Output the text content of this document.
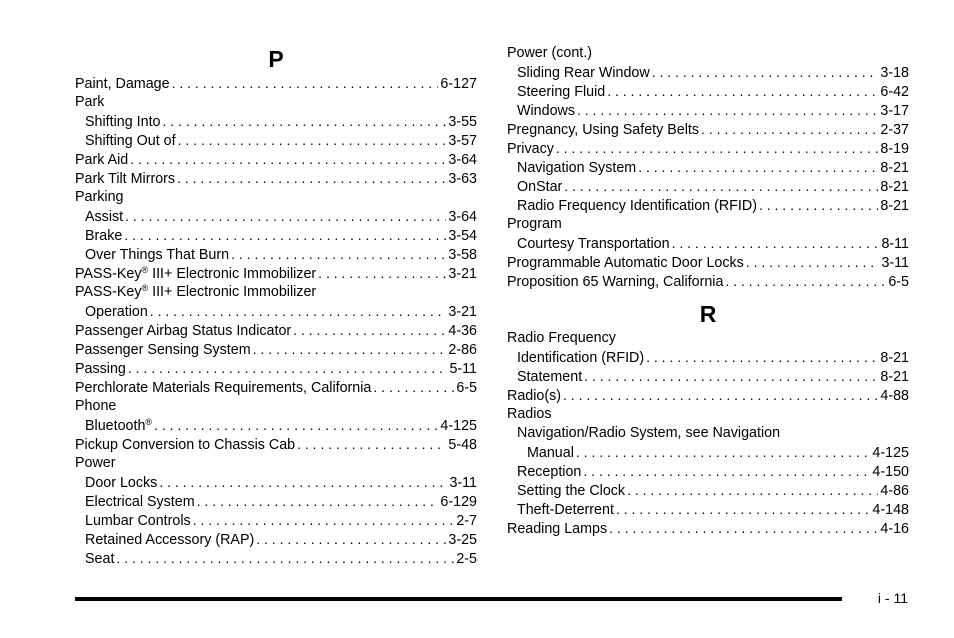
P
Paint, Damage . . .	6-127
Park
Shifting Into . . .	3-55
Shifting Out of . . .	3-57
Park Aid . . .	3-64
Park Tilt Mirrors . . .	3-63
Parking
Assist . . .	3-64
Brake . . .	3-54
Over Things That Burn . . .	3-58
PASS-Key® III+ Electronic Immobilizer . . .	3-21
PASS-Key® III+ Electronic Immobilizer
Operation . . .	3-21
Passenger Airbag Status Indicator . . .	4-36
Passenger Sensing System . . .	2-86
Passing . . .	5-11
Perchlorate Materials Requirements, California . . .	6-5
Phone
Bluetooth® . . .	4-125
Pickup Conversion to Chassis Cab . . .	5-48
Power
Door Locks . . .	3-11
Electrical System . . .	6-129
Lumbar Controls . . .	2-7
Retained Accessory (RAP) . . .	3-25
Seat . . .	2-5
Power (cont.)
Sliding Rear Window . . .	3-18
Steering Fluid . . .	6-42
Windows . . .	3-17
Pregnancy, Using Safety Belts . . .	2-37
Privacy . . .	8-19
Navigation System . . .	8-21
OnStar . . .	8-21
Radio Frequency Identification (RFID) . . .	8-21
Program
Courtesy Transportation . . .	8-11
Programmable Automatic Door Locks . . .	3-11
Proposition 65 Warning, California . . .	6-5
R
Radio Frequency
Identification (RFID) . . .	8-21
Statement . . .	8-21
Radio(s) . . .	4-88
Radios
Navigation/Radio System, see Navigation
Manual . . .	4-125
Reception . . .	4-150
Setting the Clock . . .	4-86
Theft-Deterrent . . .	4-148
Reading Lamps . . .	4-16
i - 11
